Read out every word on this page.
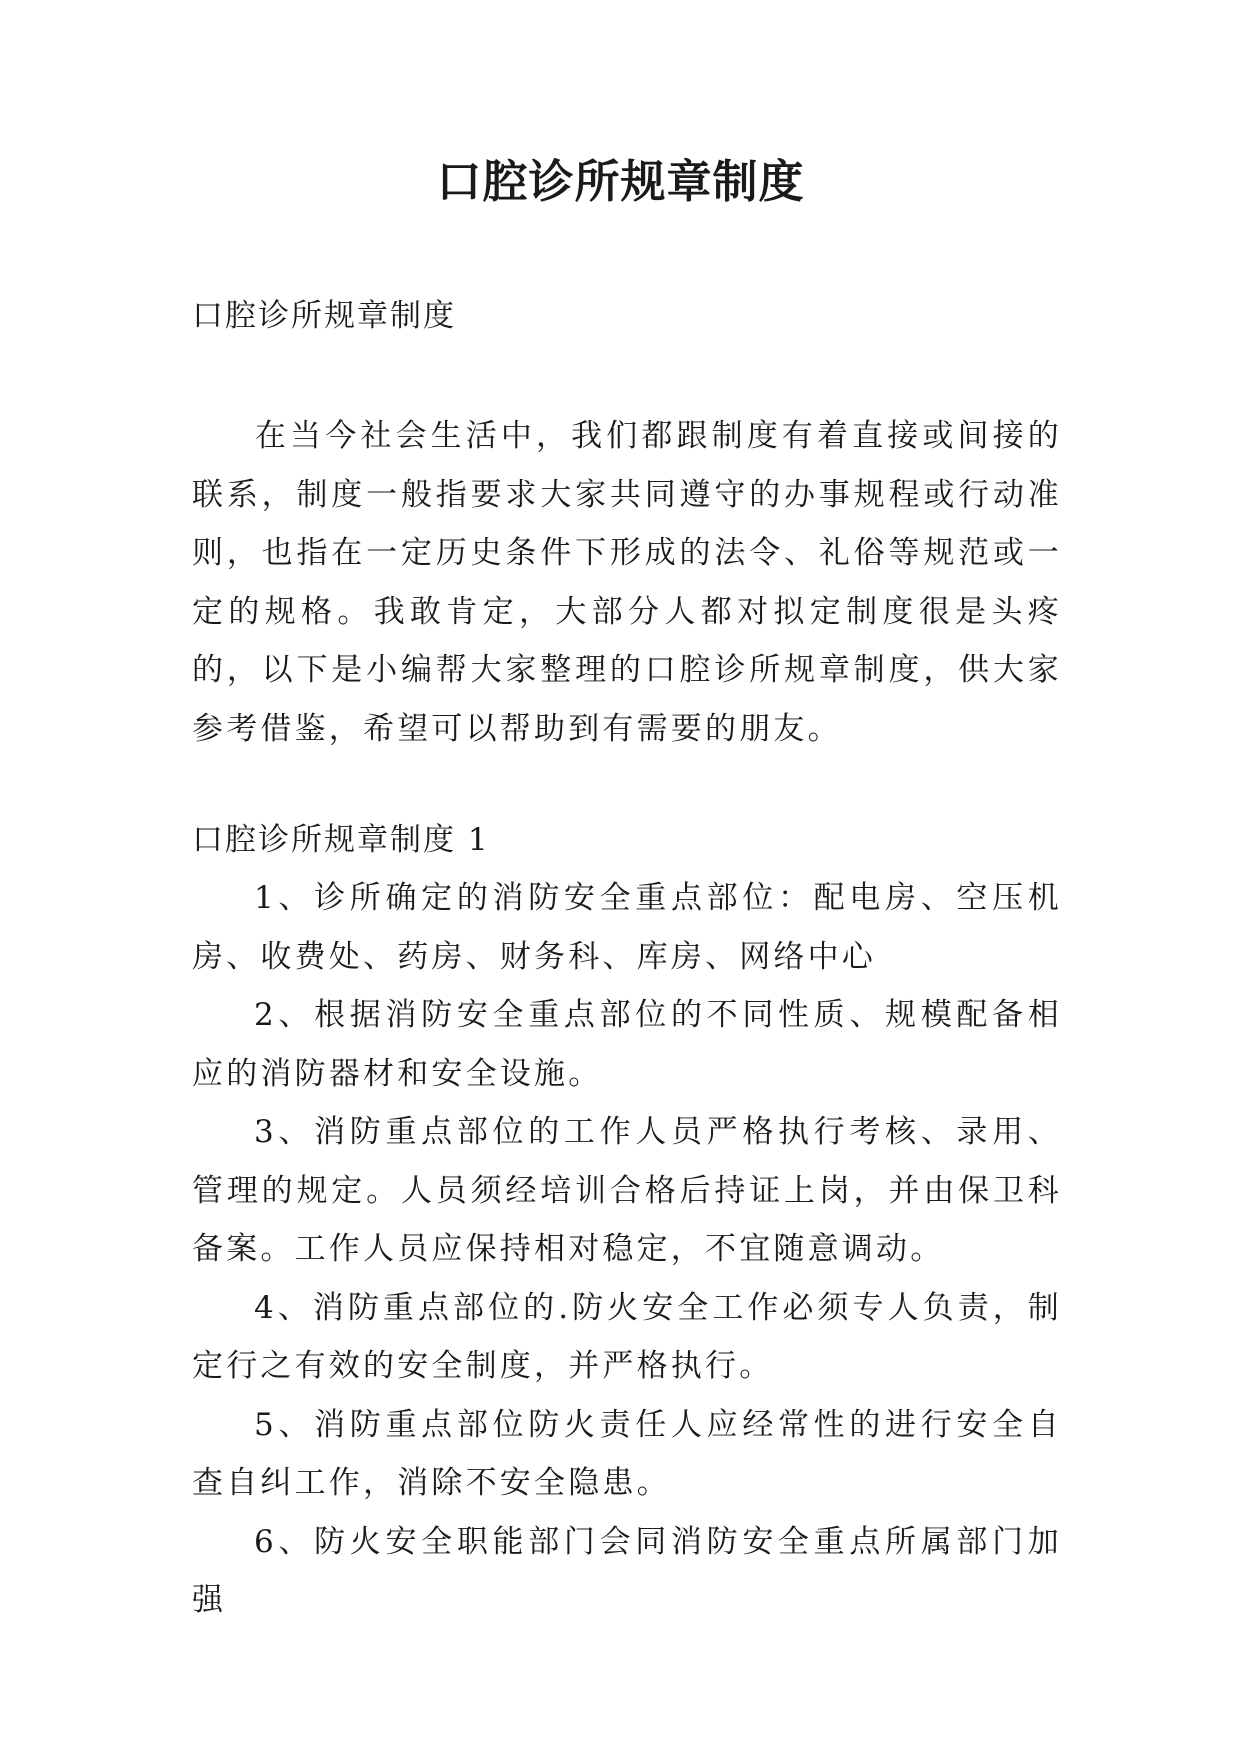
口腔诊所规章制度

口腔诊所规章制度

在当今社会生活中，我们都跟制度有着直接或间接的联系，制度一般指要求大家共同遵守的办事规程或行动准则，也指在一定历史条件下形成的法令、礼俗等规范或一定的规格。我敢肯定，大部分人都对拟定制度很是头疼的，以下是小编帮大家整理的口腔诊所规章制度，供大家参考借鉴，希望可以帮助到有需要的朋友。

口腔诊所规章制度 1

1、诊所确定的消防安全重点部位：配电房、空压机房、收费处、药房、财务科、库房、网络中心
2、根据消防安全重点部位的不同性质、规模配备相应的消防器材和安全设施。
3、消防重点部位的工作人员严格执行考核、录用、管理的规定。人员须经培训合格后持证上岗，并由保卫科备案。工作人员应保持相对稳定，不宜随意调动。
4、消防重点部位的.防火安全工作必须专人负责，制定行之有效的安全制度，并严格执行。
5、消防重点部位防火责任人应经常性的进行安全自查自纠工作，消除不安全隐患。
6、防火安全职能部门会同消防安全重点所属部门加强
